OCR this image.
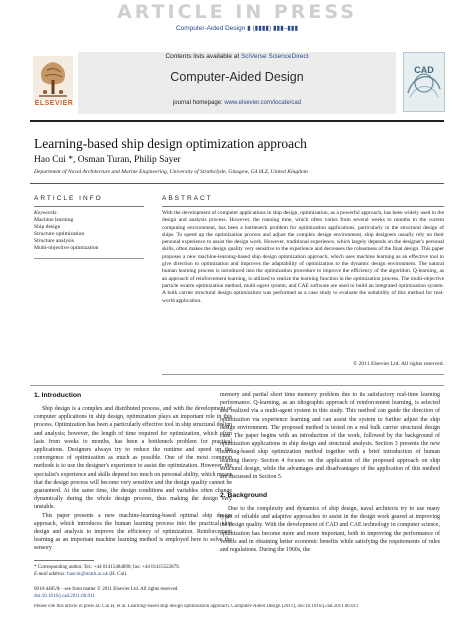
ARTICLE IN PRESS
Computer-Aided Design ▮ (▮▮▮▮) ▮▮▮–▮▮▮
ELSEVIER
Contents lists available at SciVerse ScienceDirect
Computer-Aided Design
journal homepage: www.elsevier.com/locate/cad
CAD
Learning-based ship design optimization approach
Hao Cui *, Osman Turan, Philip Sayer
Department of Naval Architecture and Marine Engineering, University of Strathclyde, Glasgow, G4 0LZ, United Kingdom
ARTICLE INFO
Keywords:
Machine learning
Ship design
Structure optimization
Structure analysis
Multi-objective optimization
ABSTRACT
With the development of computer applications in ship design, optimization, as a powerful approach, has been widely used in the design and analysis process. However, the running time, which often varies from several weeks to months in the current computing environment, has been a bottleneck problem for optimization applications, particularly in the structural design of ships. To speed up the optimization process and adjust the complex design environment, ship designers usually rely on their personal experience to assist the design work. However, traditional experience, which largely depends on the designer's personal skills, often makes the design quality very sensitive to the experience and decreases the robustness of the final design. This paper proposes a new machine-learning-based ship design optimization approach, which uses machine learning as an effective tool to give direction to optimization and improves the adaptability of optimization to the dynamic design environment. The natural human learning process is introduced into the optimization procedure to improve the efficiency of the algorithm. Q-learning, as an approach of reinforcement learning, is utilized to realize the learning function in the optimization process. The multi-objective particle swarm optimization method, multi-agent system, and CAE software are used to build an integrated optimization system. A bulk carrier structural design optimization was performed as a case study to evaluate the suitability of this method for real-world application.
© 2011 Elsevier Ltd. All rights reserved.
1. Introduction

Ship design is a complex and distributed process, and with the development of computer applications in ship design, optimization plays an important role in this process. Optimization has been a particularly effective tool in ship structural design and analysis; however, the length of time required for optimization, which often lasts from weeks to months, has been a bottleneck problem for practical applications. Designers always try to reduce the runtime and speed up the convergence of optimization as much as possible. One of the most common methods is to use the designer's experience to assist the optimization. However, the specialist's experience and skills depend too much on personal ability, which means that the design process will become very sensitive and the design quality cannot be guaranteed. At the same time, the design conditions and variables often change dynamically during the whole design process, thus making the design very unstable.

This paper presents a new machine-learning-based optimal ship design approach, which introduces the human learning process into the practical ship design and analysis to improve the efficiency of optimization. Reinforcement learning as an important machine learning method is employed here to solve the sensory

memory and partial short time memory problem due to its satisfactory real-time learning performance. Q-learning, as an idiographic approach of reinforcement learning, is selected and realized via a multi-agent system in this study. This method can guide the direction of optimization via experience learning and can assist the system to further adjust the ship design environment. The proposed method is tested on a real bulk carrier structural design case. The paper begins with an introduction of the work, followed by the background of optimization applications in ship design and structural analysis. Section 3 presents the new learning-based ship optimization method together with a brief introduction of human learning theory. Section 4 focuses on the application of the proposed approach on ship structural design, while the advantages and disadvantages of the application of this method are discussed in Section 5.

2. Background

Due to the complexity and dynamics of ship design, naval architects try to use many types of reliable and adaptive approaches to assist in the design work geared at improving the design quality. With the development of CAD and CAE technology in computer science, optimization has become more and more important, both in improving the performance of vessels and in obtaining better economic benefits while satisfying the requirements of rules and regulations. During the 1960s, the

* Corresponding author. Tel.: +44 01415484890; fax: +44 01415522879.
E-mail address: haocui@strath.ac.uk (H. Cui).
0010-4485/$ – see front matter © 2011 Elsevier Ltd. All rights reserved.
doi:10.1016/j.cad.2011.06.011
Please cite this article in press as: Cui H, et al. Learning-based ship design optimization approach. Computer-Aided Design (2011), doi:10.1016/j.cad.2011.06.011
